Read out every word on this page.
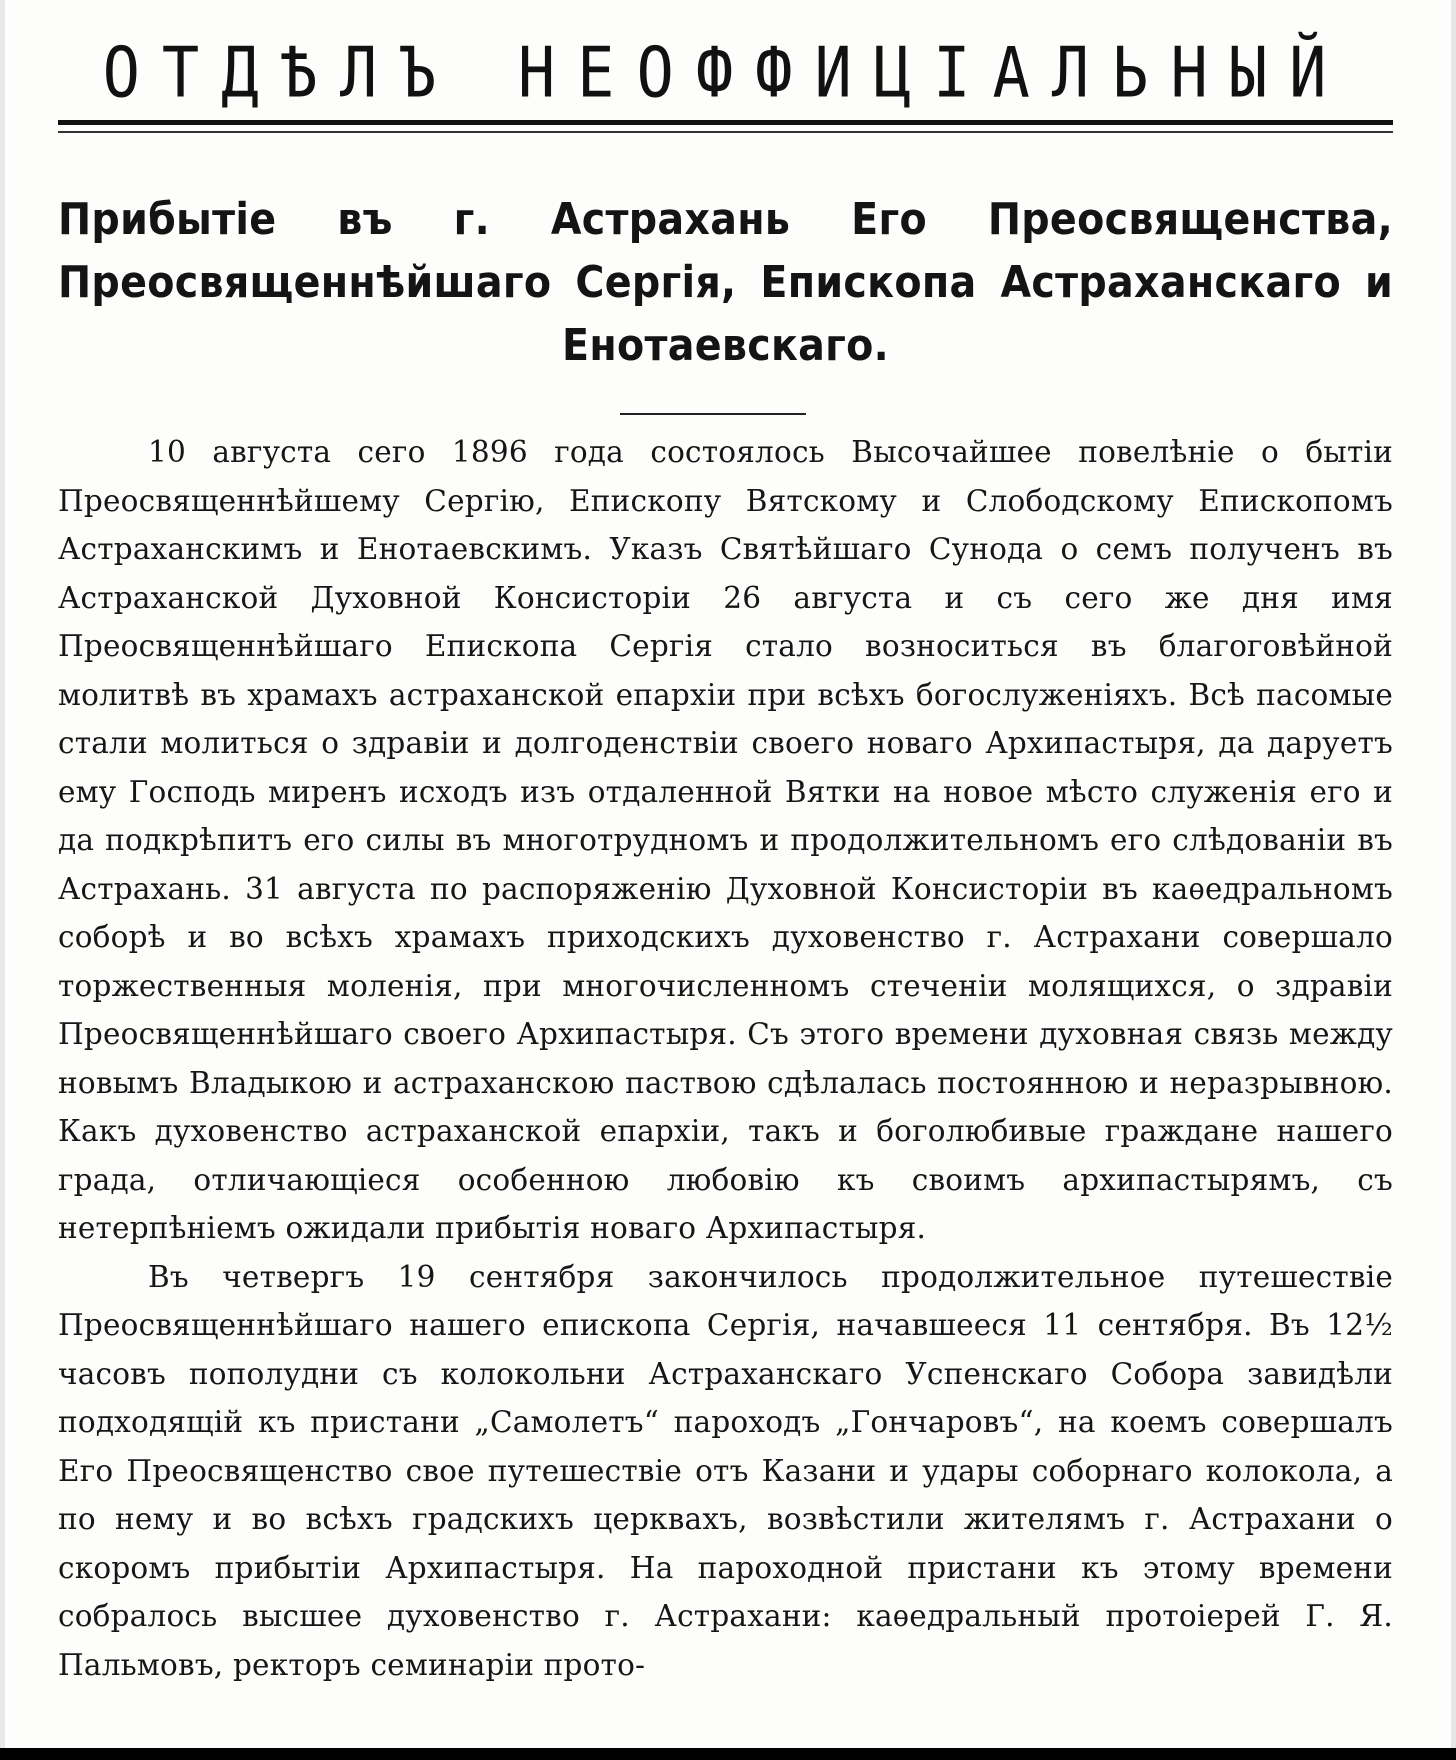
ОТДѢЛЪ НЕОФФИЦІАЛЬНЫЙ
Прибытіе въ г. Астрахань Его Преосвященства, Преосвященнѣйшаго Сергія, Епископа Астраханскаго и Енотаевскаго.

10 августа сего 1896 года состоялось Высочайшее повелѣніе о бытіи Преосвященнѣйшему Сергію, Епископу Вятскому и Слободскому Епископомъ Астраханскимъ и Енотаевскимъ. Указъ Святѣйшаго Сунода о семъ полученъ въ Астраханской Духовной Консисторіи 26 августа и съ сего же дня имя Преосвященнѣйшаго Епископа Сергія стало возноситься въ благоговѣйной молитвѣ въ храмахъ астраханской епархіи при всѣхъ богослуженіяхъ. Всѣ пасомые стали молиться о здравіи и долгоденствіи своего новаго Архипастыря, да даруетъ ему Господь миренъ исходъ изъ отдаленной Вятки на новое мѣсто служенія его и да подкрѣпитъ его силы въ многотрудномъ и продолжительномъ его слѣдованіи въ Астрахань. 31 августа по распоряженію Духовной Консисторіи въ каѳедральномъ соборѣ и во всѣхъ храмахъ приходскихъ духовенство г. Астрахани совершало торжественныя моленія, при многочисленномъ стеченіи молящихся, о здравіи Преосвященнѣйшаго своего Архипастыря. Съ этого времени духовная связь между новымъ Владыкою и астраханскою паствою сдѣлалась постоянною и неразрывною. Какъ духовенство астраханской епархіи, такъ и боголюбивые граждане нашего града, отличающіеся особенною любовію къ своимъ архипастырямъ, съ нетерпѣніемъ ожидали прибытія новаго Архипастыря.

Въ четвергъ 19 сентября закончилось продолжительное путешествіе Преосвященнѣйшаго нашего епископа Сергія, начавшееся 11 сентября. Въ 12½ часовъ пополудни съ колокольни Астраханскаго Успенскаго Собора завидѣли подходящій къ пристани „Самолетъ“ пароходъ „Гончаровъ“, на коемъ совершалъ Его Преосвященство свое путешествіе отъ Казани и удары соборнаго колокола, а по нему и во всѣхъ градскихъ церквахъ, возвѣстили жителямъ г. Астрахани о скоромъ прибытіи Архипастыря. На пароходной пристани къ этому времени собралось высшее духовенство г. Астрахани: каѳедральный протоіерей Г. Я. Пальмовъ, ректоръ семинаріи прото-
